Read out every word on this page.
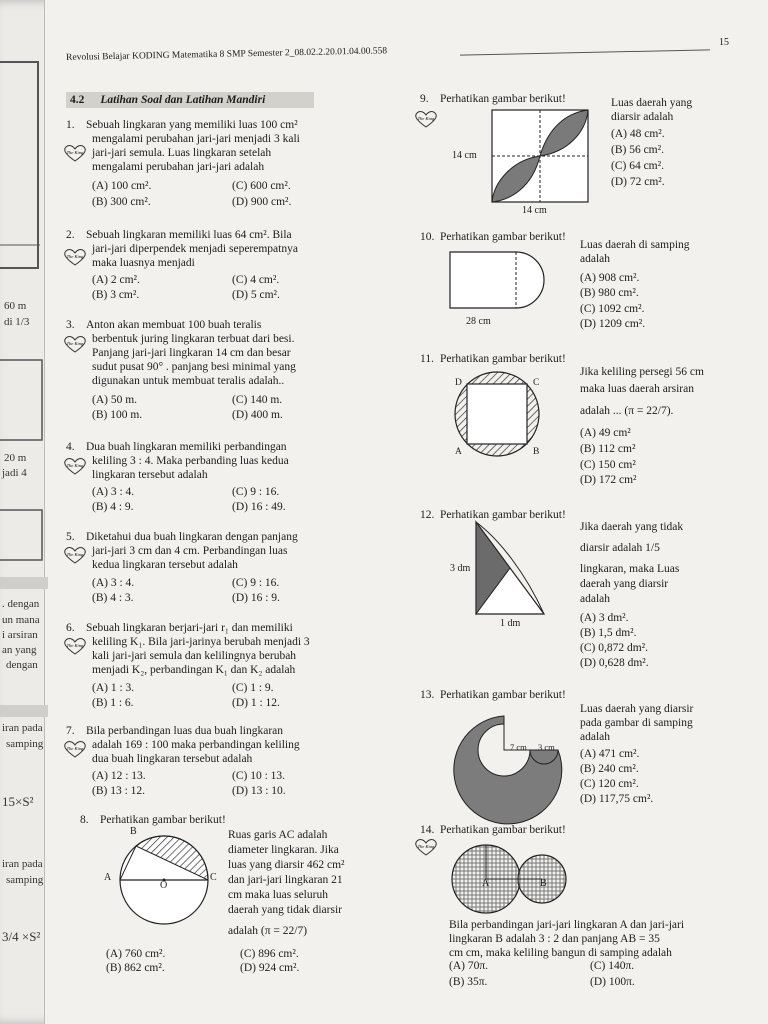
60 m
di 1/3
20 m
jadi 4
. dengan
un mana
i arsiran
an yang
dengan
iran pada
samping
15×S²
iran pada
samping
3/4 ×S²
Revolusi Belajar KODING Matematika 8 SMP Semester 2_08.02.2.20.01.04.00.558
15
4.2 Latihan Soal dan Latihan Mandiri
The King
The King
The King
The King
The King
The King
The King
The King
The King
1. Sebuah lingkaran yang memiliki luas 100 cm²
mengalami perubahan jari-jari menjadi 3 kali
jari-jari semula. Luas lingkaran setelah
mengalami perubahan jari-jari adalah
(A) 100 cm².	(C) 600 cm².
(B) 300 cm².	(D) 900 cm².
2. Sebuah lingkaran memiliki luas 64 cm². Bila
jari-jari diperpendek menjadi seperempatnya
maka luasnya menjadi
(A) 2 cm².	(C) 4 cm².
(B) 3 cm².	(D) 5 cm².
3. Anton akan membuat 100 buah teralis
berbentuk juring lingkaran terbuat dari besi.
Panjang jari-jari lingkaran 14 cm dan besar
sudut pusat 90° . panjang besi minimal yang
digunakan untuk membuat teralis adalah..
(A) 50 m.	(C) 140 m.
(B) 100 m.	(D) 400 m.
4. Dua buah lingkaran memiliki perbandingan
keliling 3 : 4. Maka perbanding luas kedua
lingkaran tersebut adalah
(A) 3 : 4.	(C) 9 : 16.
(B) 4 : 9.	(D) 16 : 49.
5. Diketahui dua buah lingkaran dengan panjang
jari-jari 3 cm dan 4 cm. Perbandingan luas
kedua lingkaran tersebut adalah
(A) 3 : 4.	(C) 9 : 16.
(B) 4 : 3.	(D) 16 : 9.
6. Sebuah lingkaran berjari-jari r₁ dan memiliki
keliling K₁. Bila jari-jarinya berubah menjadi 3
kali jari-jari semula dan kelilingnya berubah
menjadi K₂, perbandingan K₁ dan K₂ adalah
(A) 1 : 3.	(C) 1 : 9.
(B) 1 : 6.	(D) 1 : 12.
7. Bila perbandingan luas dua buah lingkaran
adalah 169 : 100 maka perbandingan keliling
dua buah lingkaran tersebut adalah
(A) 12 : 13.	(C) 10 : 13.
(B) 13 : 12.	(D) 13 : 10.
8. Perhatikan gambar berikut!
Ruas garis AC adalah
diameter lingkaran. Jika
luas yang diarsir 462 cm²
dan jari-jari lingkaran 21
cm maka luas seluruh
daerah yang tidak diarsir
adalah (π = 22/7)
B
A
O
C
(A) 760 cm².	(C) 896 cm².
(B) 862 cm².	(D) 924 cm².
9. Perhatikan gambar berikut!	Luas daerah yang
diarsir adalah
14 cm
14 cm
(A) 48 cm².
(B) 56 cm².
(C) 64 cm².
(D) 72 cm².
10. Perhatikan gambar berikut!
Luas daerah di samping
adalah
28 cm
(A) 908 cm².
(B) 980 cm².
(C) 1092 cm².
(D) 1209 cm².
11. Perhatikan gambar berikut!
Jika keliling persegi 56 cm
maka luas daerah arsiran
adalah ... (π = 22/7).
D	C
A	B
(A) 49 cm²
(B) 112 cm²
(C) 150 cm²
(D) 172 cm²
12. Perhatikan gambar berikut!
Jika daerah yang tidak
diarsir adalah 1/5
lingkaran, maka Luas
daerah yang diarsir
adalah
3 dm
1 dm	(A) 3 dm².
(B) 1,5 dm².
(C) 0,872 dm².
(D) 0,628 dm².
13. Perhatikan gambar berikut!
Luas daerah yang diarsir
pada gambar di samping
adalah
7 cm 3 cm
(A) 471 cm².
(B) 240 cm².
(C) 120 cm².
(D) 117,75 cm².
14. Perhatikan gambar berikut!
A	B
Bila perbandingan jari-jari lingkaran A dan jari-jari
lingkaran B adalah 3 : 2 dan panjang AB = 35
cm cm, maka keliling bangun di samping adalah
(A) 70π.	(C) 140π.
(B) 35π.	(D) 100π.
